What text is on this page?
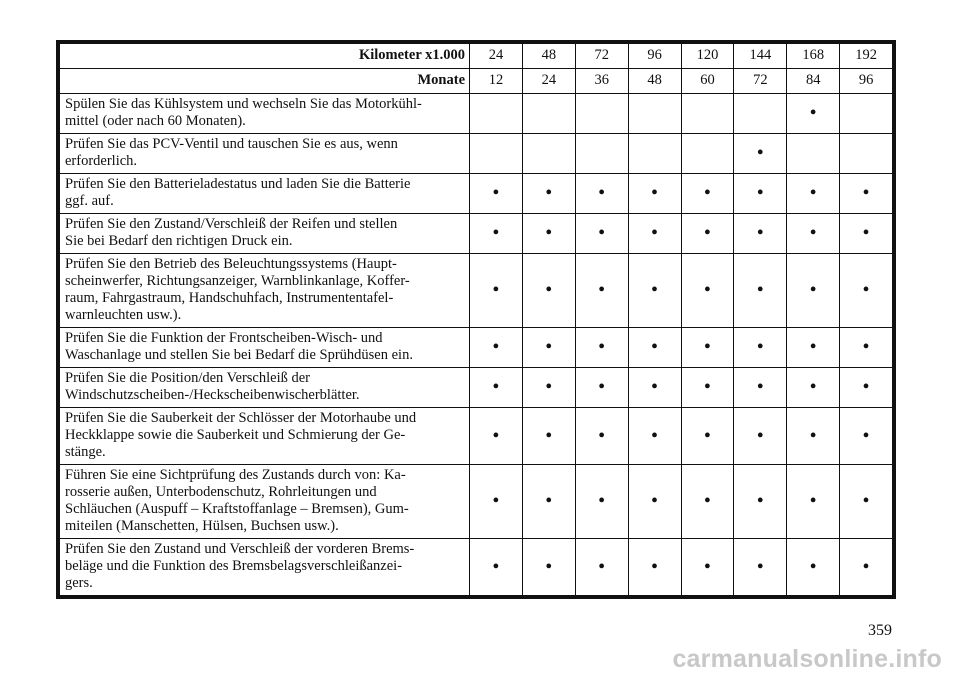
Kilometer x1.000	24	48	72	96	120	144	168	192
Monate	12	24	36	48	60	72	84	96

Spülen Sie das Kühlsystem und wechseln Sie das Motorkühl-
mittel (oder nach 60 Monaten).							•	

Prüfen Sie das PCV-Ventil und tauschen Sie es aus, wenn
erforderlich.						•		

Prüfen Sie den Batterieladestatus und laden Sie die Batterie
ggf. auf.	•	•	•	•	•	•	•	•

Prüfen Sie den Zustand/Verschleiß der Reifen und stellen
Sie bei Bedarf den richtigen Druck ein.	•	•	•	•	•	•	•	•

Prüfen Sie den Betrieb des Beleuchtungssystems (Haupt-
scheinwerfer, Richtungsanzeiger, Warnblinkanlage, Koffer-
raum, Fahrgastraum, Handschuhfach, Instrumententafel-
warnleuchten usw.).	•	•	•	•	•	•	•	•

Prüfen Sie die Funktion der Frontscheiben-Wisch- und
Waschanlage und stellen Sie bei Bedarf die Sprühdüsen ein.	•	•	•	•	•	•	•	•

Prüfen Sie die Position/den Verschleiß der
Windschutzscheiben-/Heckscheibenwischerblätter.	•	•	•	•	•	•	•	•

Prüfen Sie die Sauberkeit der Schlösser der Motorhaube und
Heckklappe sowie die Sauberkeit und Schmierung der Ge-
stänge.	•	•	•	•	•	•	•	•

Führen Sie eine Sichtprüfung des Zustands durch von: Ka-
rosserie außen, Unterbodenschutz, Rohrleitungen und
Schläuchen (Auspuff – Kraftstoffanlage – Bremsen), Gum-
miteilen (Manschetten, Hülsen, Buchsen usw.).	•	•	•	•	•	•	•	•

Prüfen Sie den Zustand und Verschleiß der vorderen Brems-
beläge und die Funktion des Bremsbelagsverschleißanzei-
gers.	•	•	•	•	•	•	•	•
359
carmanualsonline.info
